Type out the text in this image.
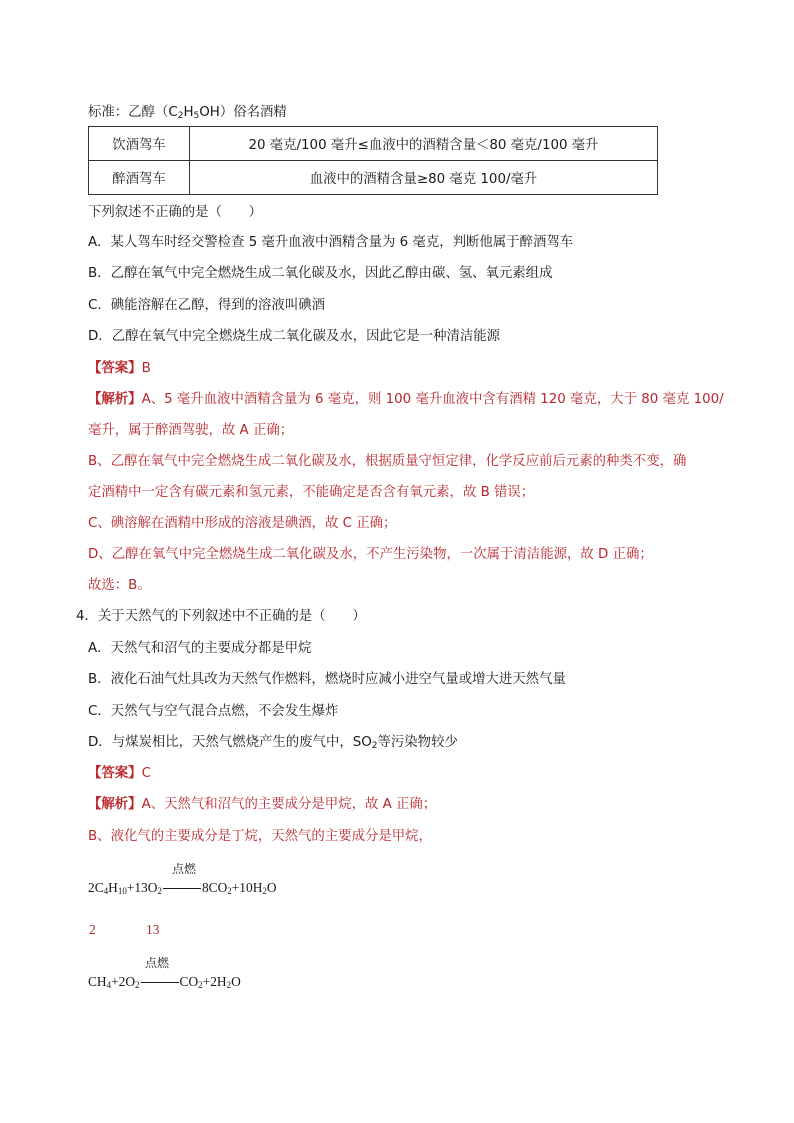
标准：乙醇$(C_2H_5OH)$俗名酒精
饮酒驾车	20 毫克/100 毫升≤血液中的酒精含量＜80 毫克/100 毫升
醉酒驾车	血液中的酒精含量≥80 毫克 100/毫升
下列叙述不正确的是（　　）
A．某人驾车时经交警检查 5 毫升血液中酒精含量为 6 毫克，判断他属于醉酒驾车
B．乙醇在氧气中完全燃烧生成二氧化碳及水，因此乙醇由碳、氢、氧元素组成
C．碘能溶解在乙醇，得到的溶液叫碘酒
D．乙醇在氧气中完全燃烧生成二氧化碳及水，因此它是一种清洁能源
【答案】B
【解析】A、5 毫升血液中酒精含量为 6 毫克，则 100 毫升血液中含有酒精 120 毫克，大于 80 毫克 100/
毫升，属于醉酒驾驶，故 A 正确；
B、乙醇在氧气中完全燃烧生成二氧化碳及水，根据质量守恒定律，化学反应前后元素的种类不变，确
定酒精中一定含有碳元素和氢元素，不能确定是否含有氧元素，故 B 错误；
C、碘溶解在酒精中形成的溶液是碘酒，故 C 正确；
D、乙醇在氧气中完全燃烧生成二氧化碳及水，不产生污染物，一次属于清洁能源，故 D 正确；
故选：B。
4．关于天然气的下列叙述中不正确的是（　　）
A．天然气和沼气的主要成分都是甲烷
B．液化石油气灶具改为天然气作燃料，燃烧时应减小进空气量或增大进天然气量
C．天然气与空气混合点燃，不会发生爆炸
D．与煤炭相比，天然气燃烧产生的废气中，$SO_2$等污染物较少
【答案】C
【解析】A、天然气和沼气的主要成分是甲烷，故 A 正确；
B、液化气的主要成分是丁烷，天然气的主要成分是甲烷，
点燃
$2C_4H_{10}+13O_2$	$8CO_2+10H_2O$
2	13
点燃
$CH_4+2O_2$	$CO_2+2H_2O$
